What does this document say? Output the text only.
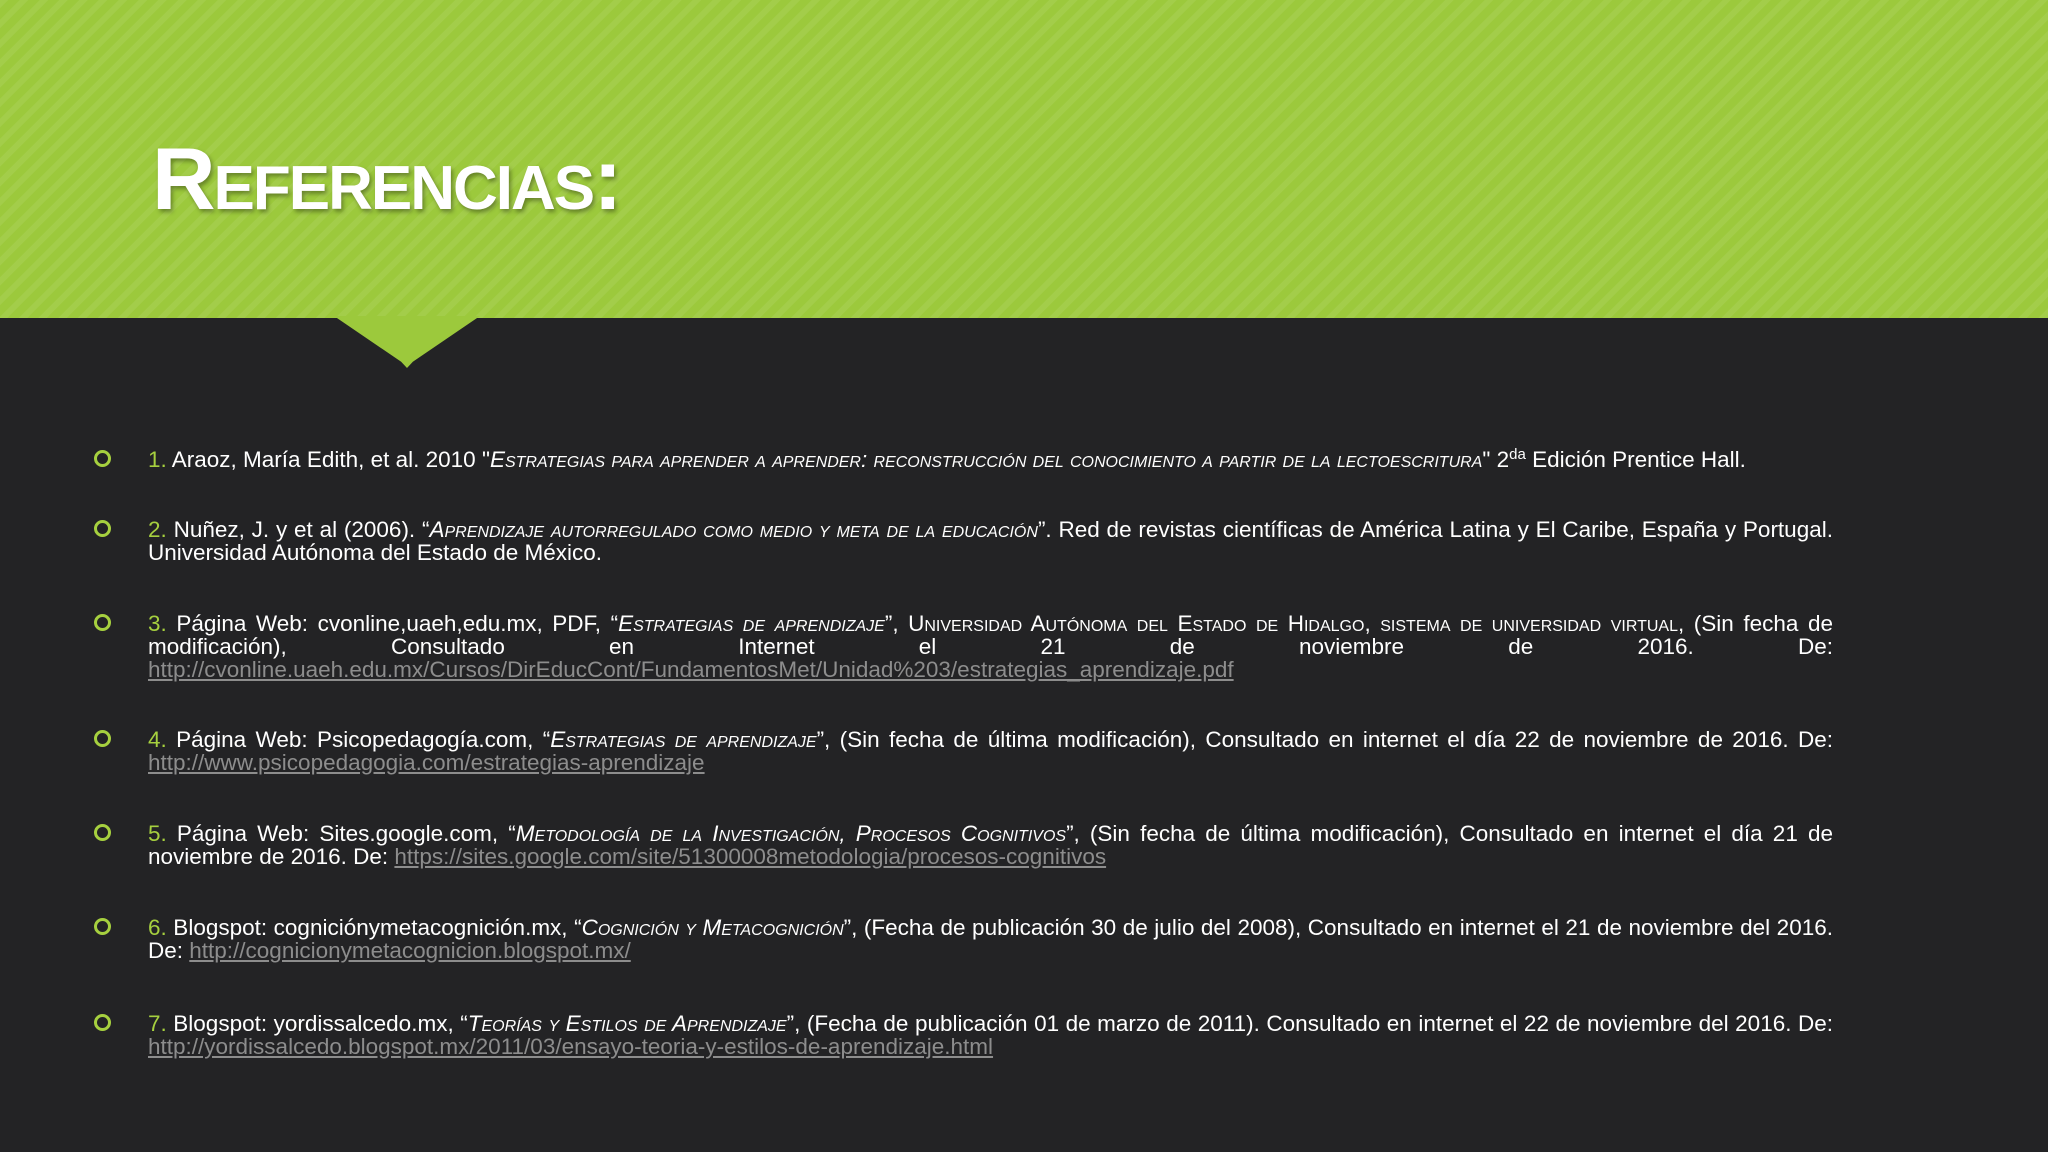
Referencias:
1. Araoz, María Edith, et al. 2010 "Estrategias para aprender a aprender: reconstrucción del conocimiento a partir de la lectoescritura" $2^{da}$ Edición Prentice Hall.
2. Nuñez, J. y et al (2006). “Aprendizaje autorregulado como medio y meta de la educación”. Red de revistas científicas de América Latina y El Caribe, España y Portugal. Universidad Autónoma del Estado de México.
3. Página Web: cvonline,uaeh,edu.mx, PDF, “Estrategias de aprendizaje”, Universidad Autónoma del Estado de Hidalgo, sistema de universidad virtual, (Sin fecha de modificación), Consultado en Internet el 21 de noviembre de 2016. De: http://cvonline.uaeh.edu.mx/Cursos/DirEducCont/FundamentosMet/Unidad%203/estrategias_aprendizaje.pdf
4. Página Web: Psicopedagogía.com, “Estrategias de aprendizaje”, (Sin fecha de última modificación), Consultado en internet el día 22 de noviembre de 2016. De: http://www.psicopedagogia.com/estrategias-aprendizaje
5. Página Web: Sites.google.com, “Metodología de la Investigación, Procesos Cognitivos”, (Sin fecha de última modificación), Consultado en internet el día 21 de noviembre de 2016. De: https://sites.google.com/site/51300008metodologia/procesos-cognitivos
6. Blogspot: cogniciónymetacognición.mx, “Cognición y Metacognición”, (Fecha de publicación 30 de julio del 2008), Consultado en internet el 21 de noviembre del 2016. De: http://cognicionymetacognicion.blogspot.mx/
7. Blogspot: yordissalcedo.mx, “Teorías y Estilos de Aprendizaje”, (Fecha de publicación 01 de marzo de 2011). Consultado en internet el 22 de noviembre del 2016. De: http://yordissalcedo.blogspot.mx/2011/03/ensayo-teoria-y-estilos-de-aprendizaje.html
